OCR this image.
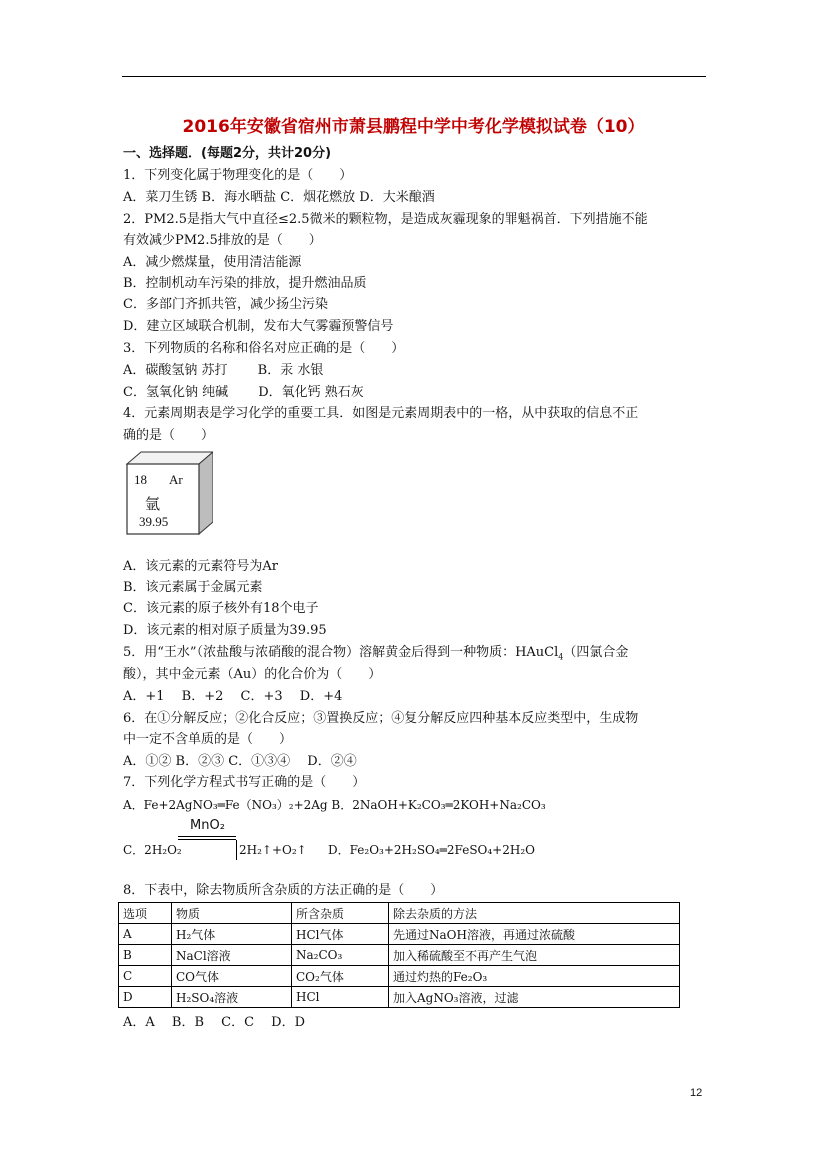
2016年安徽省宿州市萧县鹏程中学中考化学模拟试卷（10）
一、选择题．(每题2分，共计20分)
1．下列变化属于物理变化的是（　　）
A．菜刀生锈 B．海水晒盐 C．烟花燃放 D．大米酿酒
2．PM2.5是指大气中直径≤2.5微米的颗粒物，是造成灰霾现象的罪魁祸首．下列措施不能
有效减少PM2.5排放的是（　　）
A．减少燃煤量，使用清洁能源
B．控制机动车污染的排放，提升燃油品质
C．多部门齐抓共管，减少扬尘污染
D．建立区域联合机制，发布大气雾霾预警信号
3．下列物质的名称和俗名对应正确的是（　　）
A．碳酸氢钠 苏打　　 B．汞 水银
C．氢氧化钠 纯碱　　 D．氧化钙 熟石灰
4．元素周期表是学习化学的重要工具．如图是元素周期表中的一格，从中获取的信息不正
确的是（　　）
18 Ar
氩
39.95
A．该元素的元素符号为Ar
B．该元素属于金属元素
C．该元素的原子核外有18个电子
D．该元素的相对原子质量为39.95
5．用“王水”（浓盐酸与浓硝酸的混合物）溶解黄金后得到一种物质：HAuCl$_4$（四氯合金
酸），其中金元素（Au）的化合价为（　　）
A．+1　 B．+2　 C．+3　 D．+4
6．在①分解反应；②化合反应；③置换反应；④复分解反应四种基本反应类型中，生成物
中一定不含单质的是（　　）
A．①② B．②③ C．①③④　 D．②④
7．下列化学方程式书写正确的是（　　）
A．Fe+2AgNO₃═Fe（NO₃）₂+2Ag B．2NaOH+K₂CO₃═2KOH+Na₂CO₃
MnO₂
C．2H₂O₂	2H₂↑+O₂↑ D．Fe₂O₃+2H₂SO₄═2FeSO₄+2H₂O
8．下表中，除去物质所含杂质的方法正确的是（　　）
选项	物质	所含杂质	除去杂质的方法
A	H₂气体	HCl气体	先通过NaOH溶液，再通过浓硫酸
B	NaCl溶液	Na₂CO₃	加入稀硫酸至不再产生气泡
C	CO气体	CO₂气体	通过灼热的Fe₂O₃
D	H₂SO₄溶液	HCl	加入AgNO₃溶液，过滤
A．A　 B．B　 C．C　 D．D
12
